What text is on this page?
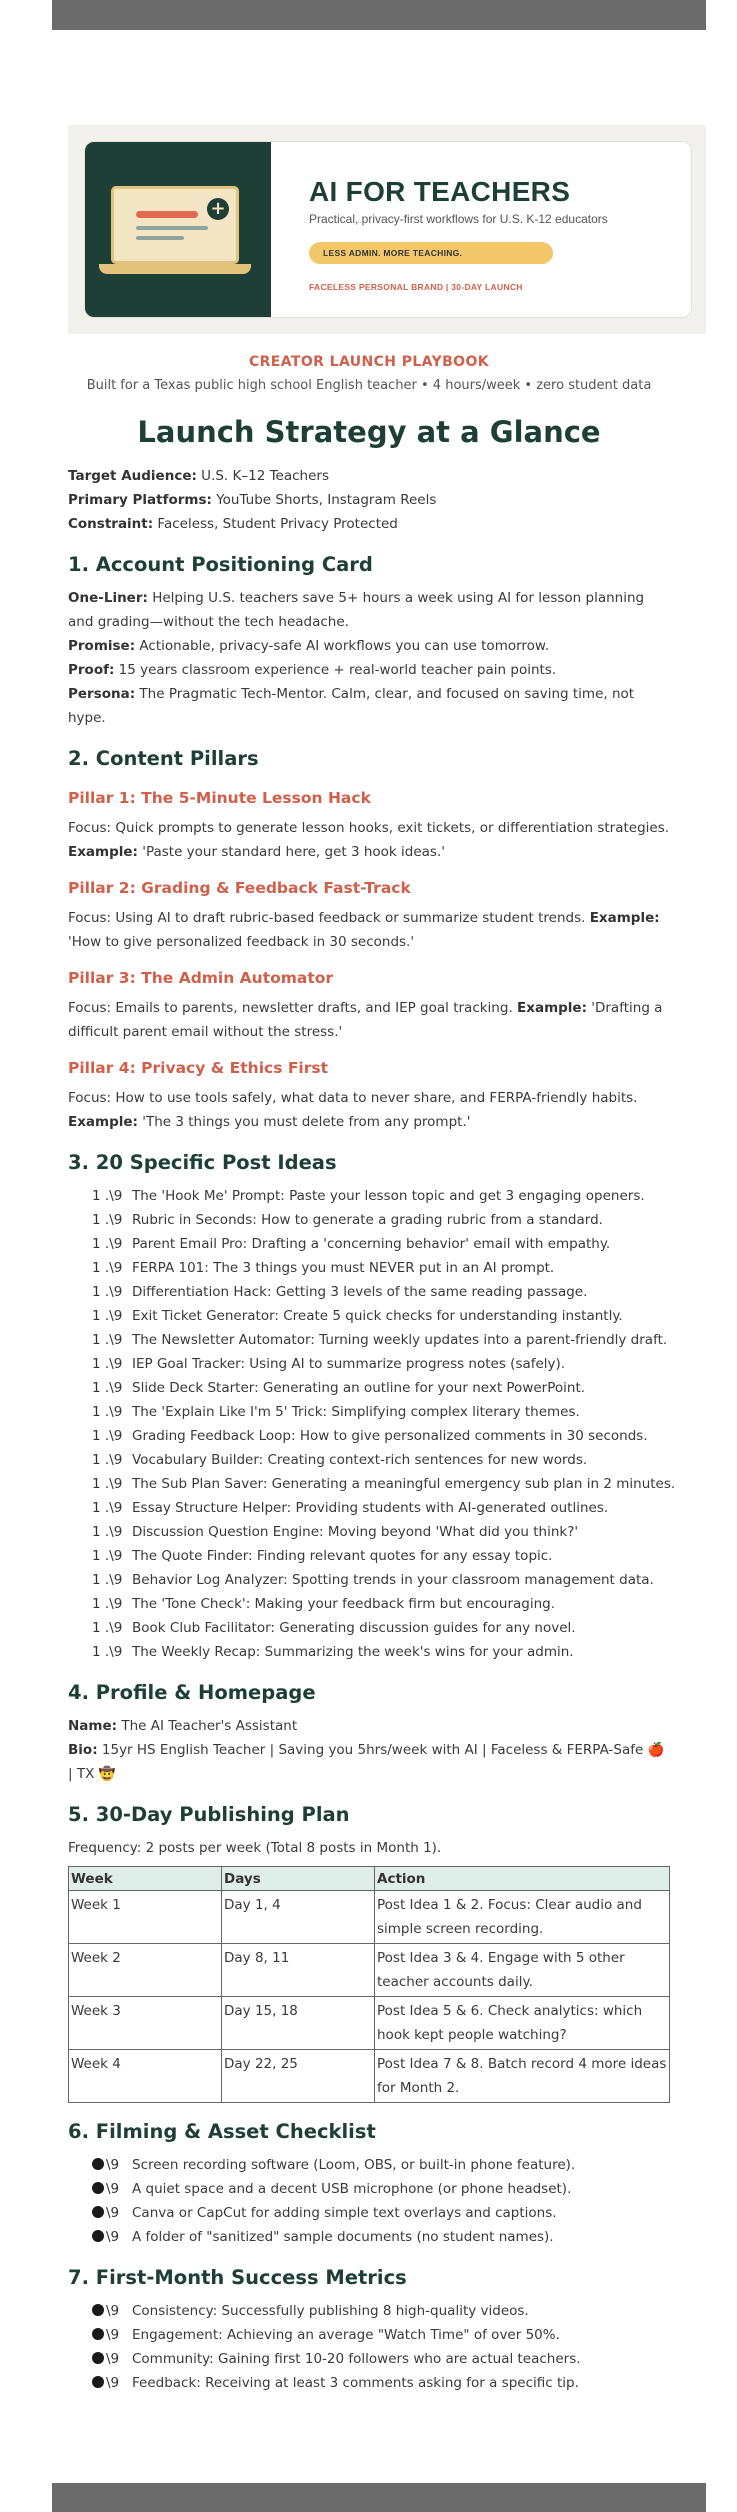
+
AI FOR TEACHERS
Practical, privacy-first workflows for U.S. K-12 educators
LESS ADMIN. MORE TEACHING.
FACELESS PERSONAL BRAND | 30-DAY LAUNCH
CREATOR LAUNCH PLAYBOOK
Built for a Texas public high school English teacher • 4 hours/week • zero student data
Launch Strategy at a Glance

Target Audience: U.S. K–12 Teachers

Primary Platforms: YouTube Shorts, Instagram Reels

Constraint: Faceless, Student Privacy Protected

1. Account Positioning Card

One-Liner: Helping U.S. teachers save 5+ hours a week using AI for lesson planning and grading—without the tech headache.

Promise: Actionable, privacy-safe AI workflows you can use tomorrow.

Proof: 15 years classroom experience + real-world teacher pain points.

Persona: The Pragmatic Tech-Mentor. Calm, clear, and focused on saving time, not hype.

2. Content Pillars
Pillar 1: The 5-Minute Lesson Hack

Focus: Quick prompts to generate lesson hooks, exit tickets, or differentiation strategies. Example: 'Paste your standard here, get 3 hook ideas.'

Pillar 2: Grading & Feedback Fast-Track

Focus: Using AI to draft rubric-based feedback or summarize student trends. Example: 'How to give personalized feedback in 30 seconds.'

Pillar 3: The Admin Automator

Focus: Emails to parents, newsletter drafts, and IEP goal tracking. Example: 'Drafting a difficult parent email without the stress.'

Pillar 4: Privacy & Ethics First

Focus: How to use tools safely, what data to never share, and FERPA-friendly habits. Example: 'The 3 things you must delete from any prompt.'

3. 20 Specific Post Ideas
1 .\9 The 'Hook Me' Prompt: Paste your lesson topic and get 3 engaging openers.
1 .\9 Rubric in Seconds: How to generate a grading rubric from a standard.
1 .\9 Parent Email Pro: Drafting a 'concerning behavior' email with empathy.
1 .\9 FERPA 101: The 3 things you must NEVER put in an AI prompt.
1 .\9 Differentiation Hack: Getting 3 levels of the same reading passage.
1 .\9 Exit Ticket Generator: Create 5 quick checks for understanding instantly.
1 .\9 The Newsletter Automator: Turning weekly updates into a parent-friendly draft.
1 .\9 IEP Goal Tracker: Using AI to summarize progress notes (safely).
1 .\9 Slide Deck Starter: Generating an outline for your next PowerPoint.
1 .\9 The 'Explain Like I'm 5' Trick: Simplifying complex literary themes.
1 .\9 Grading Feedback Loop: How to give personalized comments in 30 seconds.
1 .\9 Vocabulary Builder: Creating context-rich sentences for new words.
1 .\9 The Sub Plan Saver: Generating a meaningful emergency sub plan in 2 minutes.
1 .\9 Essay Structure Helper: Providing students with AI-generated outlines.
1 .\9 Discussion Question Engine: Moving beyond 'What did you think?'
1 .\9 The Quote Finder: Finding relevant quotes for any essay topic.
1 .\9 Behavior Log Analyzer: Spotting trends in your classroom management data.
1 .\9 The 'Tone Check': Making your feedback firm but encouraging.
1 .\9 Book Club Facilitator: Generating discussion guides for any novel.
1 .\9 The Weekly Recap: Summarizing the week's wins for your admin.
4. Profile & Homepage

Name: The AI Teacher's Assistant

Bio: 15yr HS English Teacher | Saving you 5hrs/week with AI | Faceless & FERPA-Safe 🍎 | TX 🤠

5. 30-Day Publishing Plan

Frequency: 2 posts per week (Total 8 posts in Month 1).

Week	Days	Action
Week 1	Day 1, 4	Post Idea 1 & 2. Focus: Clear audio and simple screen recording.
Week 2	Day 8, 11	Post Idea 3 & 4. Engage with 5 other teacher accounts daily.
Week 3	Day 15, 18	Post Idea 5 & 6. Check analytics: which hook kept people watching?
Week 4	Day 22, 25	Post Idea 7 & 8. Batch record 4 more ideas for Month 2.
6. Filming & Asset Checklist
\9 Screen recording software (Loom, OBS, or built-in phone feature).
\9 A quiet space and a decent USB microphone (or phone headset).
\9 Canva or CapCut for adding simple text overlays and captions.
\9 A folder of "sanitized" sample documents (no student names).
7. First-Month Success Metrics
\9 Consistency: Successfully publishing 8 high-quality videos.
\9 Engagement: Achieving an average "Watch Time" of over 50%.
\9 Community: Gaining first 10-20 followers who are actual teachers.
\9 Feedback: Receiving at least 3 comments asking for a specific tip.
